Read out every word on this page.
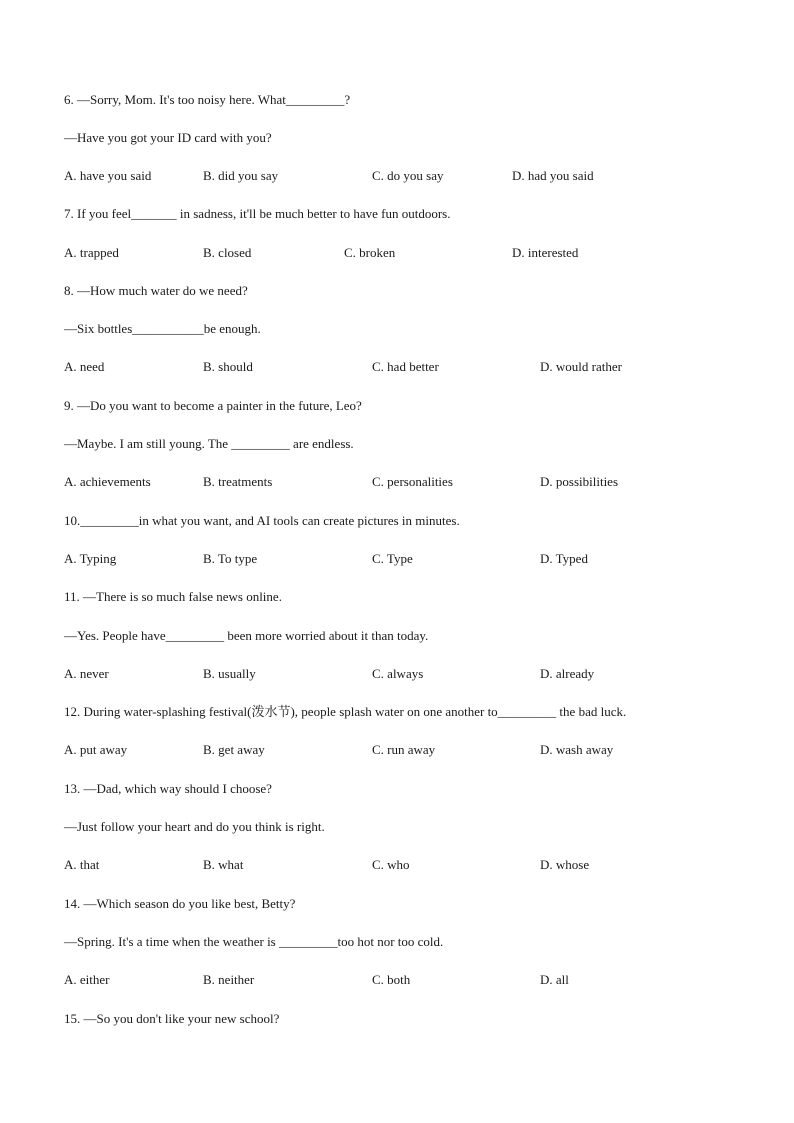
6. —Sorry, Mom. It's too noisy here. What_________?
—Have you got your ID card with you?
A. have you said	B. did you say	C. do you say	D. had you said
7. If you feel_______ in sadness, it'll be much better to have fun outdoors.
A. trapped	B. closed	C. broken	D. interested
8. —How much water do we need?
—Six bottles___________be enough.
A. need	B. should	C. had better	D. would rather
9. —Do you want to become a painter in the future, Leo?
—Maybe. I am still young. The _________ are endless.
A. achievements	B. treatments	C. personalities	D. possibilities
10._________in what you want, and AI tools can create pictures in minutes.
A. Typing	B. To type	C. Type	D. Typed
11. —There is so much false news online.
—Yes. People have_________ been more worried about it than today.
A. never	B. usually	C. always	D. already
12. During water-splashing festival(泼水节), people splash water on one another to_________ the bad luck.
A. put away	B. get away	C. run away	D. wash away
13. —Dad, which way should I choose?
—Just follow your heart and do you think is right.
A. that	B. what	C. who	D. whose
14. —Which season do you like best, Betty?
—Spring. It's a time when the weather is _________too hot nor too cold.
A. either	B. neither	C. both	D. all
15. —So you don't like your new school?
